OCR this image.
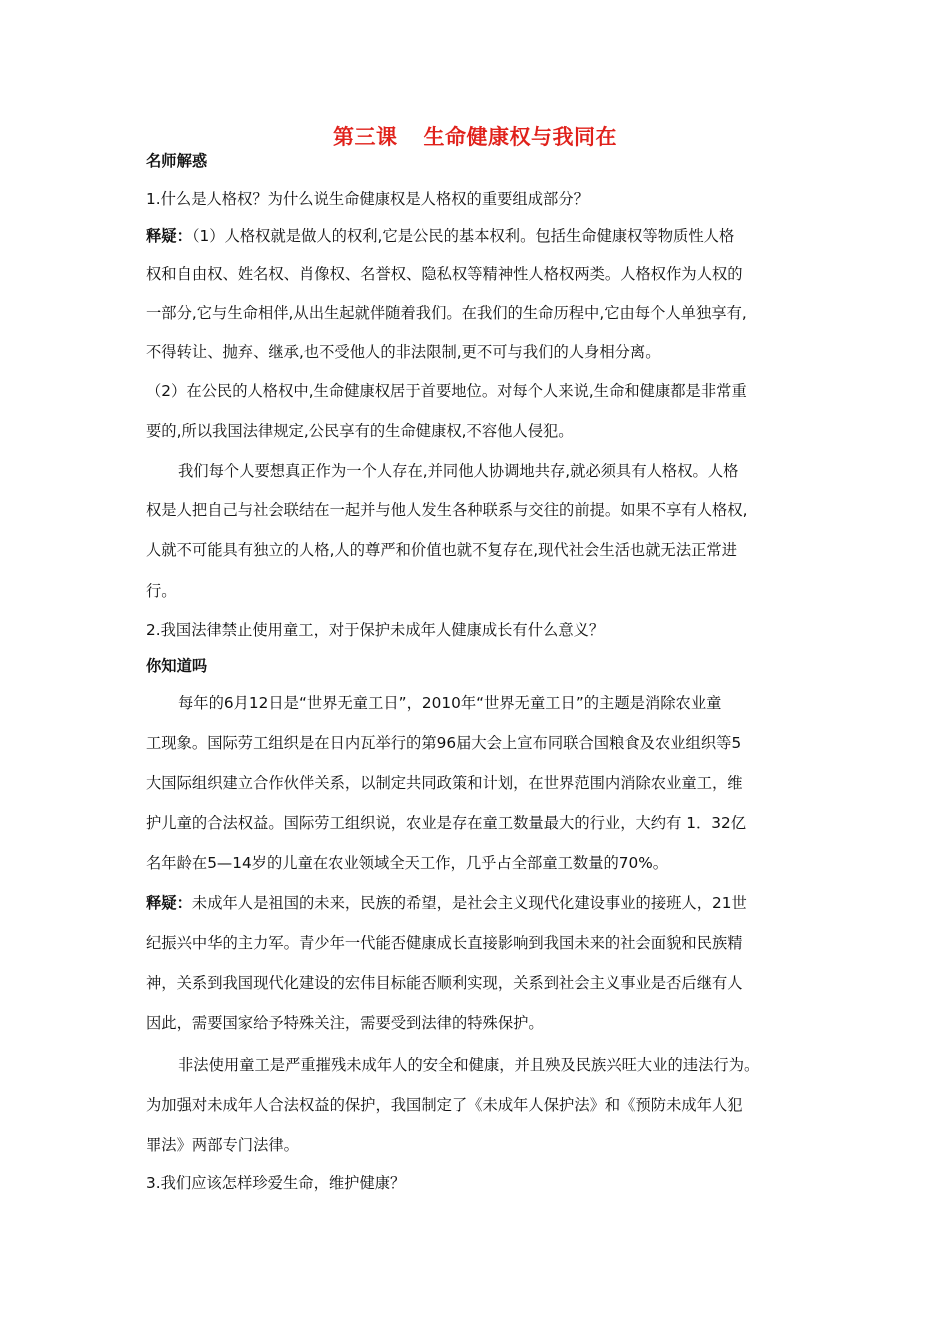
第三课 生命健康权与我同在
名师解惑
1.什么是人格权？为什么说生命健康权是人格权的重要组成部分？
释疑：（1）人格权就是做人的权利,它是公民的基本权利。包括生命健康权等物质性人格
权和自由权、姓名权、肖像权、名誉权、隐私权等精神性人格权两类。人格权作为人权的
一部分,它与生命相伴,从出生起就伴随着我们。在我们的生命历程中,它由每个人单独享有,
不得转让、抛弃、继承,也不受他人的非法限制,更不可与我们的人身相分离。
（2）在公民的人格权中,生命健康权居于首要地位。对每个人来说,生命和健康都是非常重
要的,所以我国法律规定,公民享有的生命健康权,不容他人侵犯。
我们每个人要想真正作为一个人存在,并同他人协调地共存,就必须具有人格权。人格
权是人把自己与社会联结在一起并与他人发生各种联系与交往的前提。如果不享有人格权,
人就不可能具有独立的人格,人的尊严和价值也就不复存在,现代社会生活也就无法正常进
行。
2.我国法律禁止使用童工，对于保护未成年人健康成长有什么意义？
你知道吗
每年的6月12日是“世界无童工日”，2010年“世界无童工日”的主题是消除农业童
工现象。国际劳工组织是在日内瓦举行的第96届大会上宣布同联合国粮食及农业组织等5
大国际组织建立合作伙伴关系，以制定共同政策和计划，在世界范围内消除农业童工，维
护儿童的合法权益。国际劳工组织说，农业是存在童工数量最大的行业，大约有 1．32亿
名年龄在5—14岁的儿童在农业领域全天工作，几乎占全部童工数量的70%。
释疑：未成年人是祖国的未来，民族的希望，是社会主义现代化建设事业的接班人，21世
纪振兴中华的主力军。青少年一代能否健康成长直接影响到我国未来的社会面貌和民族精
神，关系到我国现代化建设的宏伟目标能否顺利实现，关系到社会主义事业是否后继有人
因此，需要国家给予特殊关注，需要受到法律的特殊保护。
非法使用童工是严重摧残未成年人的安全和健康，并且殃及民族兴旺大业的违法行为。
为加强对未成年人合法权益的保护，我国制定了《未成年人保护法》和《预防未成年人犯
罪法》两部专门法律。
3.我们应该怎样珍爱生命，维护健康？
